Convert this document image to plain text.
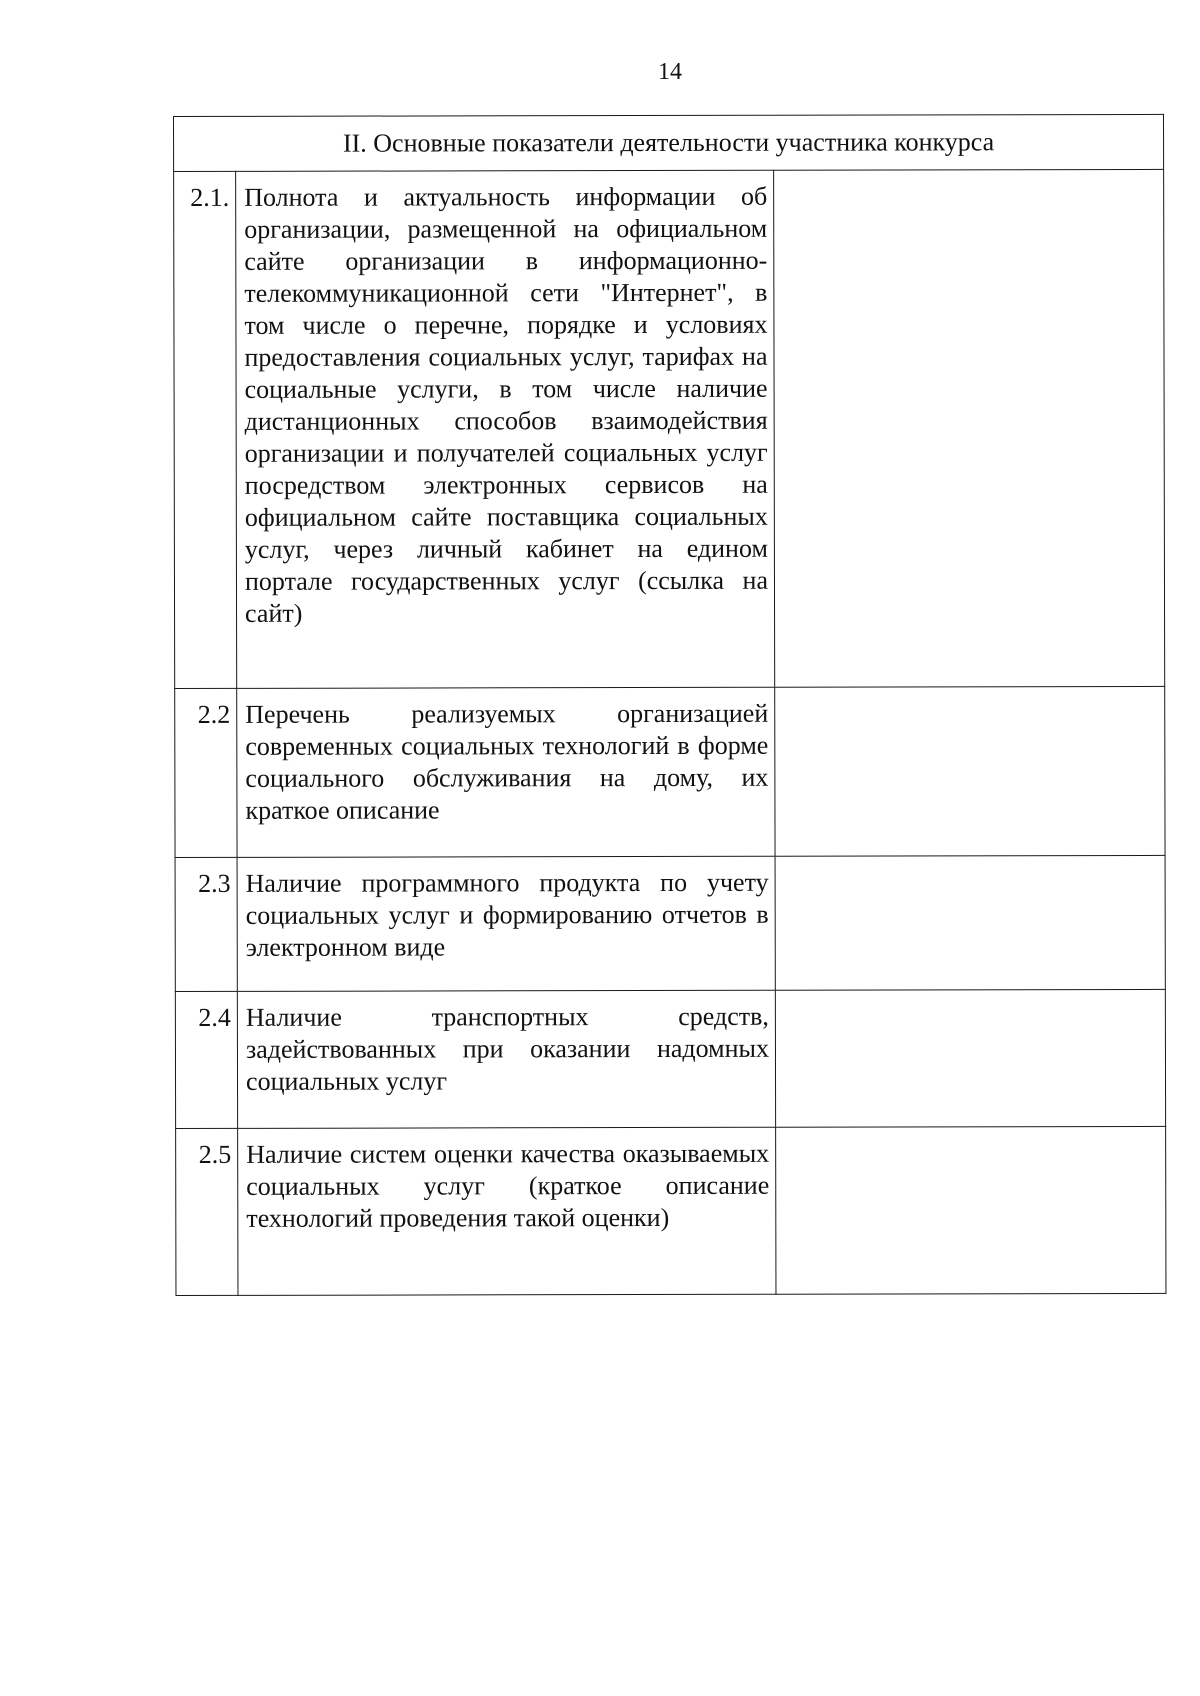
14
II. Основные показатели деятельности участника конкурса		
2.1.	Полнота и актуальность информации об организации, размещенной на официальном сайте организации в информационно-телекоммуникационной сети "Интернет", в том числе о перечне, порядке и условиях предоставления социальных услуг, тарифах на социальные услуги, в том числе наличие дистанционных способов взаимодействия организации и получателей социальных услуг посредством электронных сервисов на официальном сайте поставщика социальных услуг, через личный кабинет на едином портале государственных услуг (ссылка на сайт)	
2.2	Перечень реализуемых организацией современных социальных технологий в форме социального обслуживания на дому, их краткое описание	
2.3	Наличие программного продукта по учету социальных услуг и формированию отчетов в электронном виде	
2.4	Наличие транспортных средств, задействованных при оказании надомных социальных услуг	
2.5	Наличие систем оценки качества оказываемых социальных услуг (краткое описание технологий проведения такой оценки)	
